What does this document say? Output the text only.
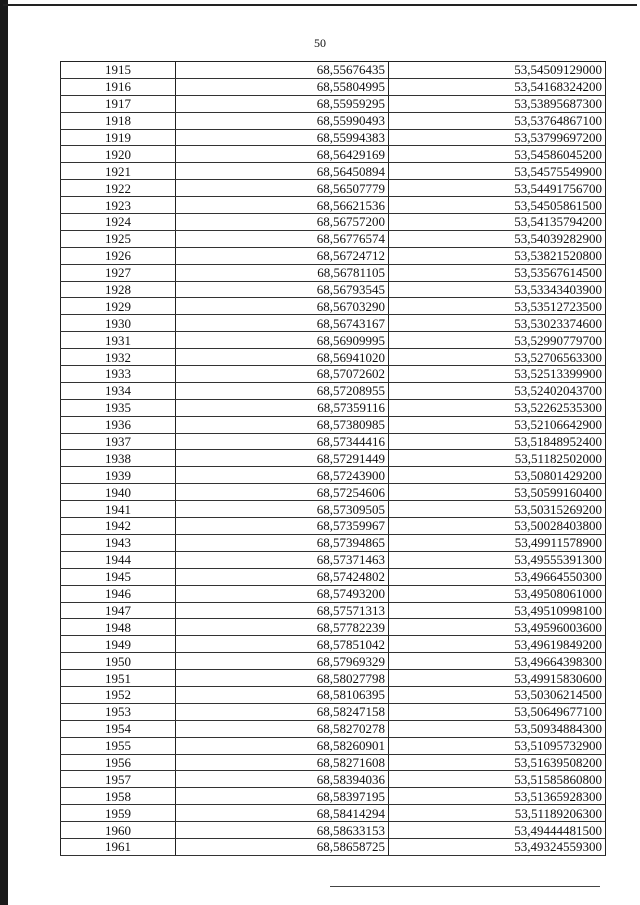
50
1915	68,55676435	53,54509129000
1916	68,55804995	53,54168324200
1917	68,55959295	53,53895687300
1918	68,55990493	53,53764867100
1919	68,55994383	53,53799697200
1920	68,56429169	53,54586045200
1921	68,56450894	53,54575549900
1922	68,56507779	53,54491756700
1923	68,56621536	53,54505861500
1924	68,56757200	53,54135794200
1925	68,56776574	53,54039282900
1926	68,56724712	53,53821520800
1927	68,56781105	53,53567614500
1928	68,56793545	53,53343403900
1929	68,56703290	53,53512723500
1930	68,56743167	53,53023374600
1931	68,56909995	53,52990779700
1932	68,56941020	53,52706563300
1933	68,57072602	53,52513399900
1934	68,57208955	53,52402043700
1935	68,57359116	53,52262535300
1936	68,57380985	53,52106642900
1937	68,57344416	53,51848952400
1938	68,57291449	53,51182502000
1939	68,57243900	53,50801429200
1940	68,57254606	53,50599160400
1941	68,57309505	53,50315269200
1942	68,57359967	53,50028403800
1943	68,57394865	53,49911578900
1944	68,57371463	53,49555391300
1945	68,57424802	53,49664550300
1946	68,57493200	53,49508061000
1947	68,57571313	53,49510998100
1948	68,57782239	53,49596003600
1949	68,57851042	53,49619849200
1950	68,57969329	53,49664398300
1951	68,58027798	53,49915830600
1952	68,58106395	53,50306214500
1953	68,58247158	53,50649677100
1954	68,58270278	53,50934884300
1955	68,58260901	53,51095732900
1956	68,58271608	53,51639508200
1957	68,58394036	53,51585860800
1958	68,58397195	53,51365928300
1959	68,58414294	53,51189206300
1960	68,58633153	53,49444481500
1961	68,58658725	53,49324559300
